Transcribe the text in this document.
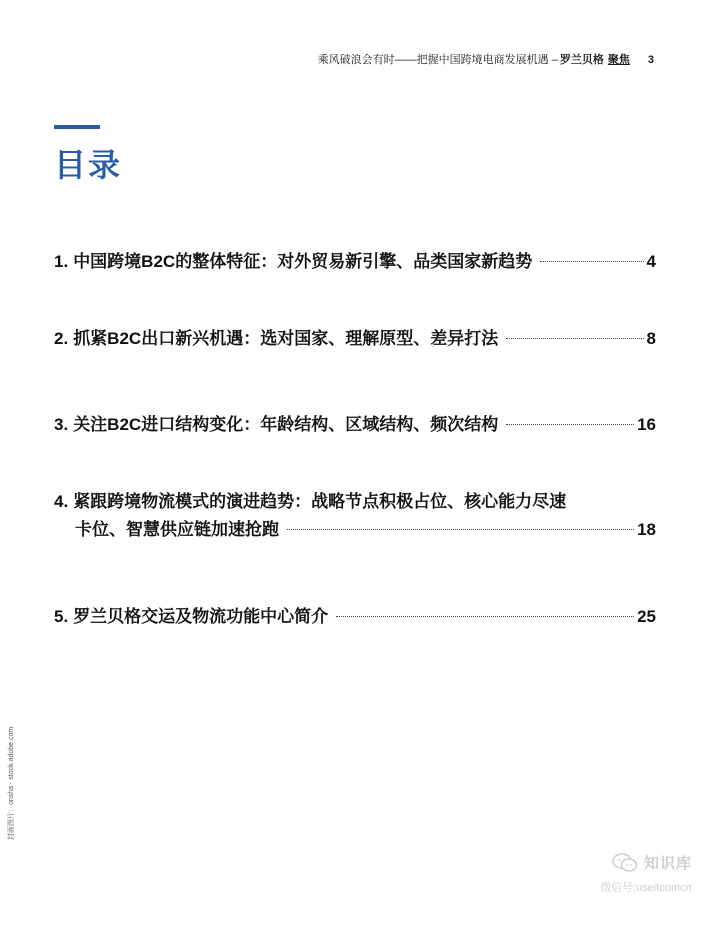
乘风破浪会有时——把握中国跨境电商发展机遇 – 罗兰贝格 聚焦 3
目录
1. 中国跨境B2C的整体特征：对外贸易新引擎、品类国家新趋势	4
2. 抓紧B2C出口新兴机遇：选对国家、理解原型、差异打法	8
3. 关注B2C进口结构变化：年龄结构、区域结构、频次结构	16
4. 紧跟跨境物流模式的演进趋势：战略节点积极占位、核心能力尽速
卡位、智慧供应链加速抢跑	18
5. 罗兰贝格交运及物流功能中心简介	25
封面图片：onsha - stock.adobe.com
知识库
微信号:useitcomcn
